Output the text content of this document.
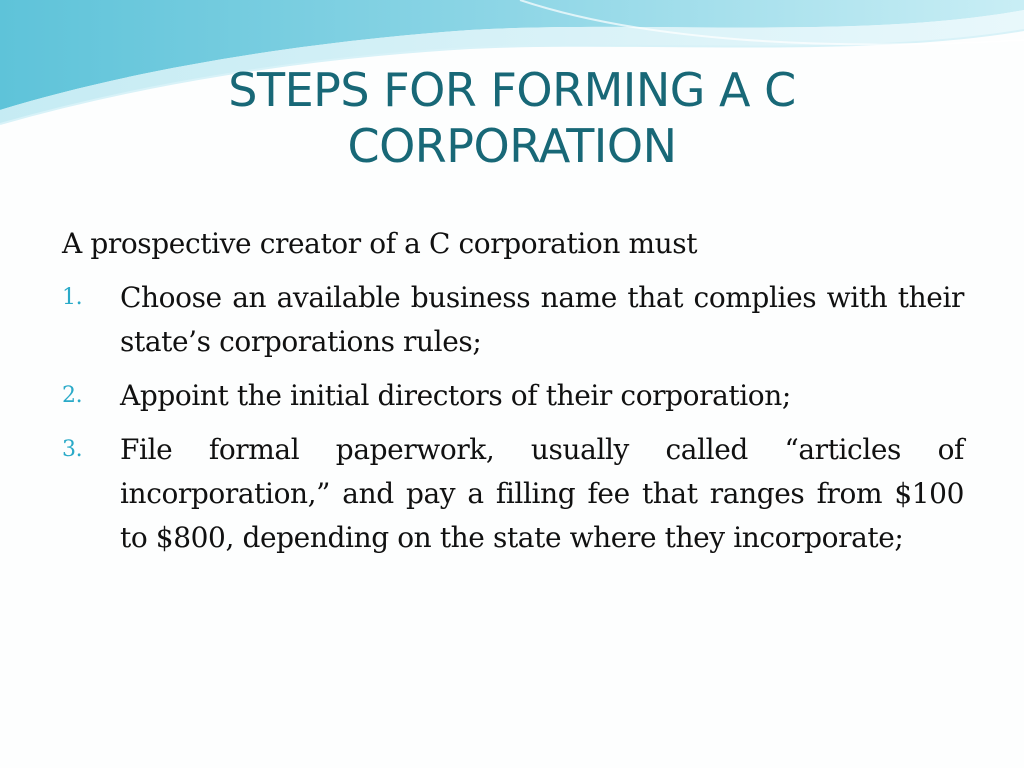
STEPS FOR FORMING A C CORPORATION

A prospective creator of a C corporation must

1. Choose an available business name that complies with their state’s corporations rules;
2. Appoint the initial directors of their corporation;
3. File formal paperwork, usually called “articles of incorporation,” and pay a filling fee that ranges from $100 to $800, depending on the state where they incorporate;
